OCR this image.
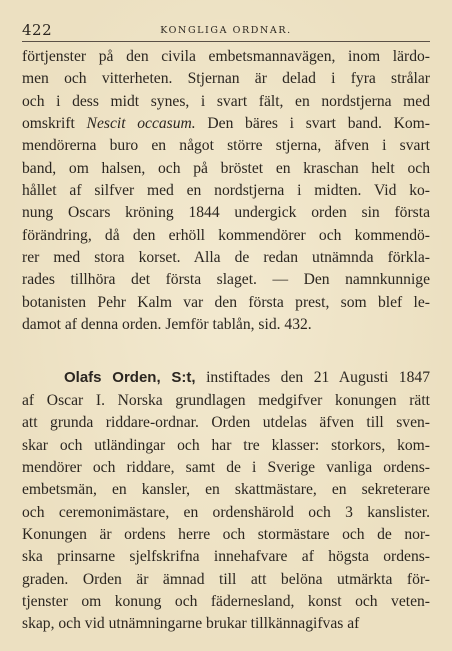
422	KONGLIGA ORDNAR.
förtjenster på den civila embetsmannavägen, inom lärdo-
men och vitterheten. Stjernan är delad i fyra strålar
och i dess midt synes, i svart fält, en nordstjerna med
omskrift Nescit occasum. Den bäres i svart band. Kom-
mendörerna buro en något större stjerna, äfven i svart
band, om halsen, och på bröstet en kraschan helt och
hållet af silfver med en nordstjerna i midten. Vid ko-
nung Oscars kröning 1844 undergick orden sin första
förändring, då den erhöll kommendörer och kommendö-
rer med stora korset. Alla de redan utnämnda förkla-
rades tillhöra det första slaget. — Den namnkunnige
botanisten Pehr Kalm var den första prest, som blef le-
damot af denna orden. Jemför tablån, sid. 432.
Olafs Orden, S:t, instiftades den 21 Augusti 1847
af Oscar I. Norska grundlagen medgifver konungen rätt
att grunda riddare-ordnar. Orden utdelas äfven till sven-
skar och utländingar och har tre klasser: storkors, kom-
mendörer och riddare, samt de i Sverige vanliga ordens-
embetsmän, en kansler, en skattmästare, en sekreterare
och ceremonimästare, en ordenshärold och 3 kanslister.
Konungen är ordens herre och stormästare och de nor-
ska prinsarne sjelfskrifna innehafvare af högsta ordens-
graden. Orden är ämnad till att belöna utmärkta för-
tjenster om konung och fädernesland, konst och veten-
skap, och vid utnämningarne brukar tillkännagifvas af
